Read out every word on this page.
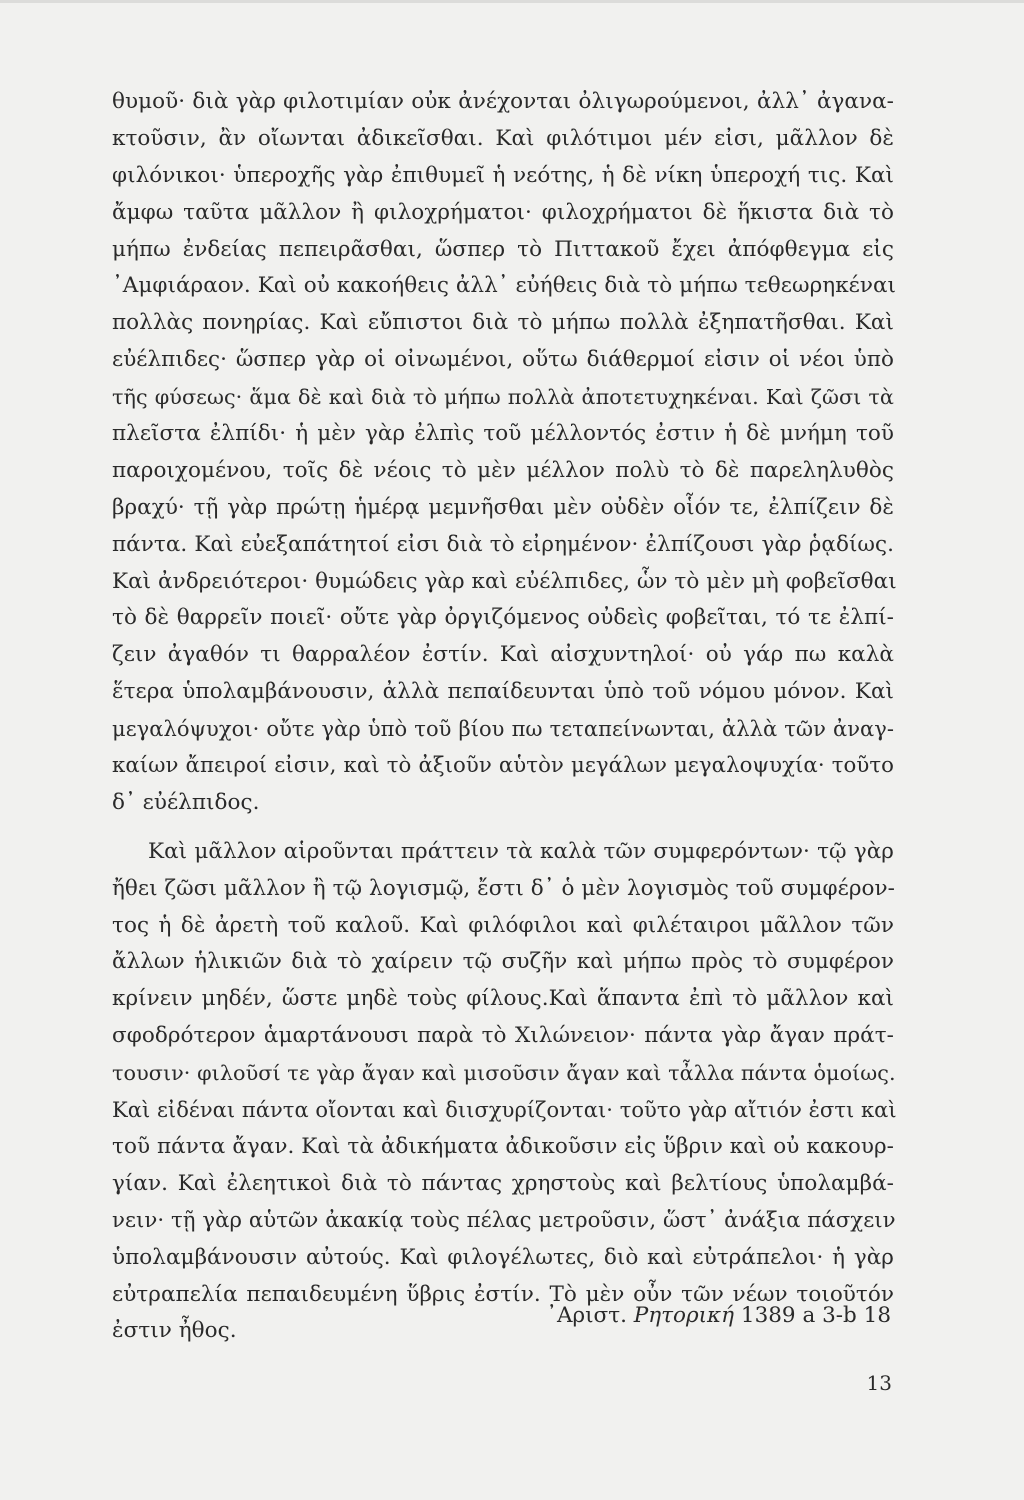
θυμοῦ· διὰ γὰρ φιλοτιμίαν οὐκ ἀνέχονται ὀλιγωρούμενοι, ἀλλ᾽ ἀγανα-
κτοῦσιν, ἂν οἴωνται ἀδικεῖσθαι. Καὶ φιλότιμοι μέν εἰσι, μᾶλλον δὲ
φιλόνικοι· ὑπεροχῆς γὰρ ἐπιθυμεῖ ἡ νεότης, ἡ δὲ νίκη ὑπεροχή τις. Καὶ
ἄμφω ταῦτα μᾶλλον ἢ φιλοχρήματοι· φιλοχρήματοι δὲ ἥκιστα διὰ τὸ
μήπω ἐνδείας πεπειρᾶσθαι, ὥσπερ τὸ Πιττακοῦ ἔχει ἀπόφθεγμα εἰς
᾽Αμφιάραον. Καὶ οὐ κακοήθεις ἀλλ᾽ εὐήθεις διὰ τὸ μήπω τεθεωρηκέναι
πολλὰς πονηρίας. Καὶ εὔπιστοι διὰ τὸ μήπω πολλὰ ἐξηπατῆσθαι. Καὶ
εὐέλπιδες· ὥσπερ γὰρ οἱ οἰνωμένοι, οὕτω διάθερμοί εἰσιν οἱ νέοι ὑπὸ
τῆς φύσεως· ἅμα δὲ καὶ διὰ τὸ μήπω πολλὰ ἀποτετυχηκέναι. Καὶ ζῶσι τὰ
πλεῖστα ἐλπίδι· ἡ μὲν γὰρ ἐλπὶς τοῦ μέλλοντός ἐστιν ἡ δὲ μνήμη τοῦ
παροιχομένου, τοῖς δὲ νέοις τὸ μὲν μέλλον πολὺ τὸ δὲ παρεληλυθὸς
βραχύ· τῇ γὰρ πρώτῃ ἡμέρᾳ μεμνῆσθαι μὲν οὐδὲν οἷόν τε, ἐλπίζειν δὲ
πάντα. Καὶ εὐεξαπάτητοί εἰσι διὰ τὸ εἰρημένον· ἐλπίζουσι γὰρ ῥᾳδίως.
Καὶ ἀνδρειότεροι· θυμώδεις γὰρ καὶ εὐέλπιδες, ὧν τὸ μὲν μὴ φοβεῖσθαι
τὸ δὲ θαρρεῖν ποιεῖ· οὔτε γὰρ ὀργιζόμενος οὐδεὶς φοβεῖται, τό τε ἐλπί-
ζειν ἀγαθόν τι θαρραλέον ἐστίν. Καὶ αἰσχυντηλοί· οὐ γάρ πω καλὰ
ἕτερα ὑπολαμβάνουσιν, ἀλλὰ πεπαίδευνται ὑπὸ τοῦ νόμου μόνον. Καὶ
μεγαλόψυχοι· οὔτε γὰρ ὑπὸ τοῦ βίου πω τεταπείνωνται, ἀλλὰ τῶν ἀναγ-
καίων ἄπειροί εἰσιν, καὶ τὸ ἀξιοῦν αὑτὸν μεγάλων μεγαλοψυχία· τοῦτο
δ᾽ εὐέλπιδος.
Καὶ μᾶλλον αἱροῦνται πράττειν τὰ καλὰ τῶν συμφερόντων· τῷ γὰρ
ἤθει ζῶσι μᾶλλον ἢ τῷ λογισμῷ, ἔστι δ᾽ ὁ μὲν λογισμὸς τοῦ συμφέρον-
τος ἡ δὲ ἀρετὴ τοῦ καλοῦ. Καὶ φιλόφιλοι καὶ φιλέταιροι μᾶλλον τῶν
ἄλλων ἡλικιῶν διὰ τὸ χαίρειν τῷ συζῆν καὶ μήπω πρὸς τὸ συμφέρον
κρίνειν μηδέν, ὥστε μηδὲ τοὺς φίλους.Καὶ ἅπαντα ἐπὶ τὸ μᾶλλον καὶ
σφοδρότερον ἁμαρτάνουσι παρὰ τὸ Χιλώνειον· πάντα γὰρ ἄγαν πράτ-
τουσιν· φιλοῦσί τε γὰρ ἄγαν καὶ μισοῦσιν ἄγαν καὶ τἆλλα πάντα ὁμοίως.
Καὶ εἰδέναι πάντα οἴονται καὶ διισχυρίζονται· τοῦτο γὰρ αἴτιόν ἐστι καὶ
τοῦ πάντα ἄγαν. Καὶ τὰ ἀδικήματα ἀδικοῦσιν εἰς ὕβριν καὶ οὐ κακουρ-
γίαν. Καὶ ἐλεητικοὶ διὰ τὸ πάντας χρηστοὺς καὶ βελτίους ὑπολαμβά-
νειν· τῇ γὰρ αὑτῶν ἀκακίᾳ τοὺς πέλας μετροῦσιν, ὥστ᾽ ἀνάξια πάσχειν
ὑπολαμβάνουσιν αὐτούς. Καὶ φιλογέλωτες, διὸ καὶ εὐτράπελοι· ἡ γὰρ
εὐτραπελία πεπαιδευμένη ὕβρις ἐστίν. Τὸ μὲν οὖν τῶν νέων τοιοῦτόν
ἐστιν ἦθος.
᾽Αριστ. Ρητορική 1389 a 3-b 18
13
